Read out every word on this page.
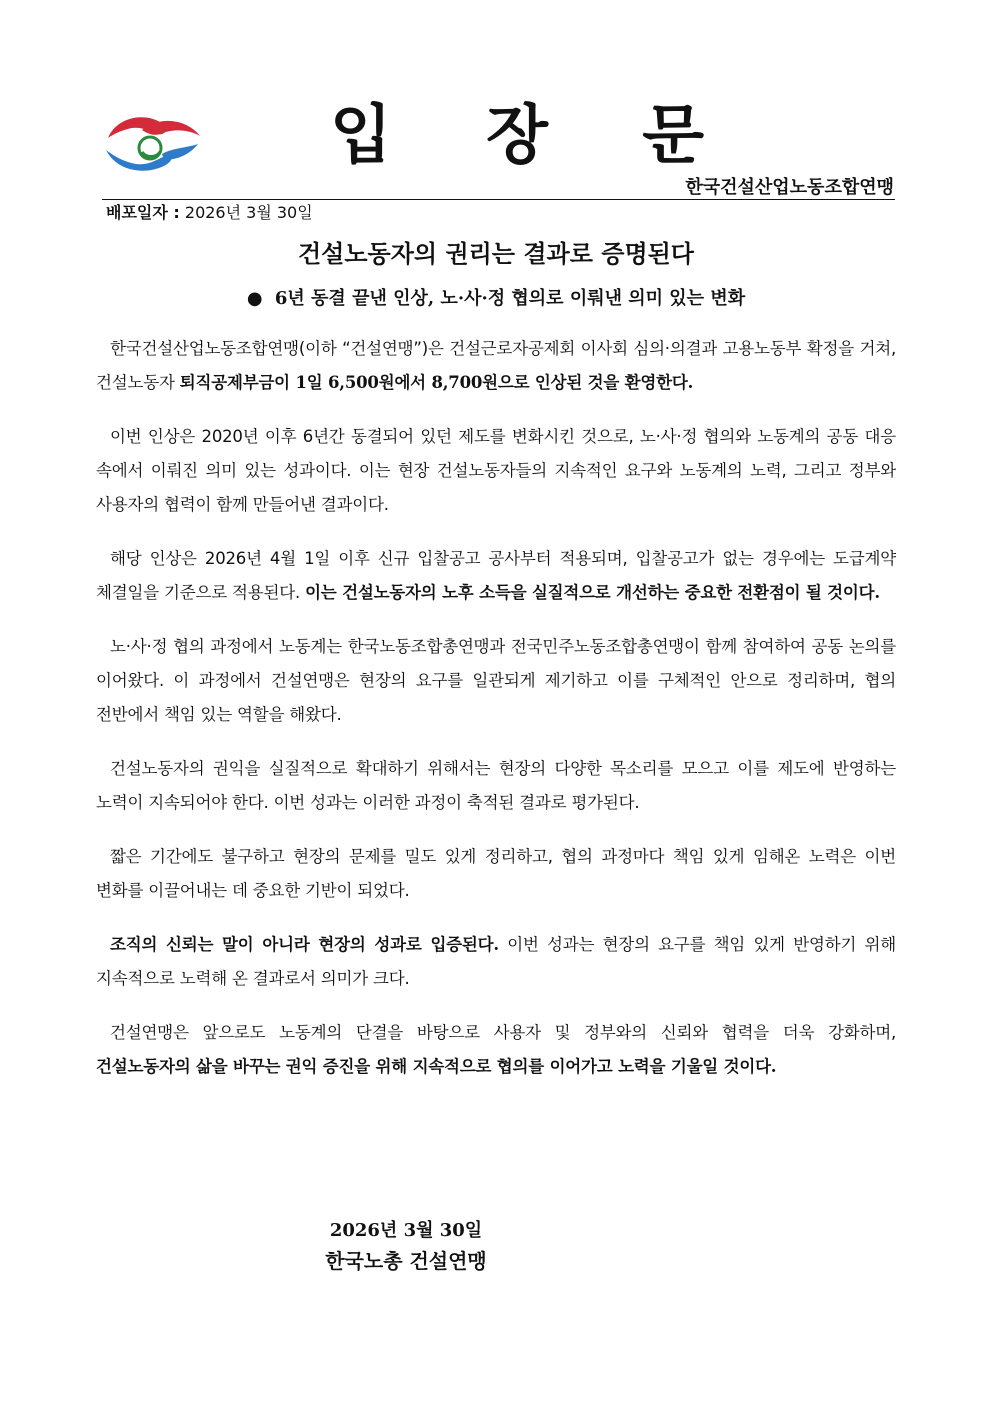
입 장 문
한국건설산업노동조합연맹
배포일자 : 2026년 3월 30일
건설노동자의 권리는 결과로 증명된다
● 6년 동결 끝낸 인상, 노·사·정 협의로 이뤄낸 의미 있는 변화

한국건설산업노동조합연맹(이하 “건설연맹”)은 건설근로자공제회 이사회 심의·의결과 고용노동부 확정을 거쳐, 건설노동자 퇴직공제부금이 1일 6,500원에서 8,700원으로 인상된 것을 환영한다.

이번 인상은 2020년 이후 6년간 동결되어 있던 제도를 변화시킨 것으로, 노·사·정 협의와 노동계의 공동 대응 속에서 이뤄진 의미 있는 성과이다. 이는 현장 건설노동자들의 지속적인 요구와 노동계의 노력, 그리고 정부와 사용자의 협력이 함께 만들어낸 결과이다.

해당 인상은 2026년 4월 1일 이후 신규 입찰공고 공사부터 적용되며, 입찰공고가 없는 경우에는 도급계약 체결일을 기준으로 적용된다. 이는 건설노동자의 노후 소득을 실질적으로 개선하는 중요한 전환점이 될 것이다.

노·사·정 협의 과정에서 노동계는 한국노동조합총연맹과 전국민주노동조합총연맹이 함께 참여하여 공동 논의를 이어왔다. 이 과정에서 건설연맹은 현장의 요구를 일관되게 제기하고 이를 구체적인 안으로 정리하며, 협의 전반에서 책임 있는 역할을 해왔다.

건설노동자의 권익을 실질적으로 확대하기 위해서는 현장의 다양한 목소리를 모으고 이를 제도에 반영하는 노력이 지속되어야 한다. 이번 성과는 이러한 과정이 축적된 결과로 평가된다.

짧은 기간에도 불구하고 현장의 문제를 밀도 있게 정리하고, 협의 과정마다 책임 있게 임해온 노력은 이번 변화를 이끌어내는 데 중요한 기반이 되었다.

조직의 신뢰는 말이 아니라 현장의 성과로 입증된다. 이번 성과는 현장의 요구를 책임 있게 반영하기 위해 지속적으로 노력해 온 결과로서 의미가 크다.

건설연맹은 앞으로도 노동계의 단결을 바탕으로 사용자 및 정부와의 신뢰와 협력을 더욱 강화하며, 건설노동자의 삶을 바꾸는 권익 증진을 위해 지속적으로 협의를 이어가고 노력을 기울일 것이다.

2026년 3월 30일
한국노총 건설연맹
